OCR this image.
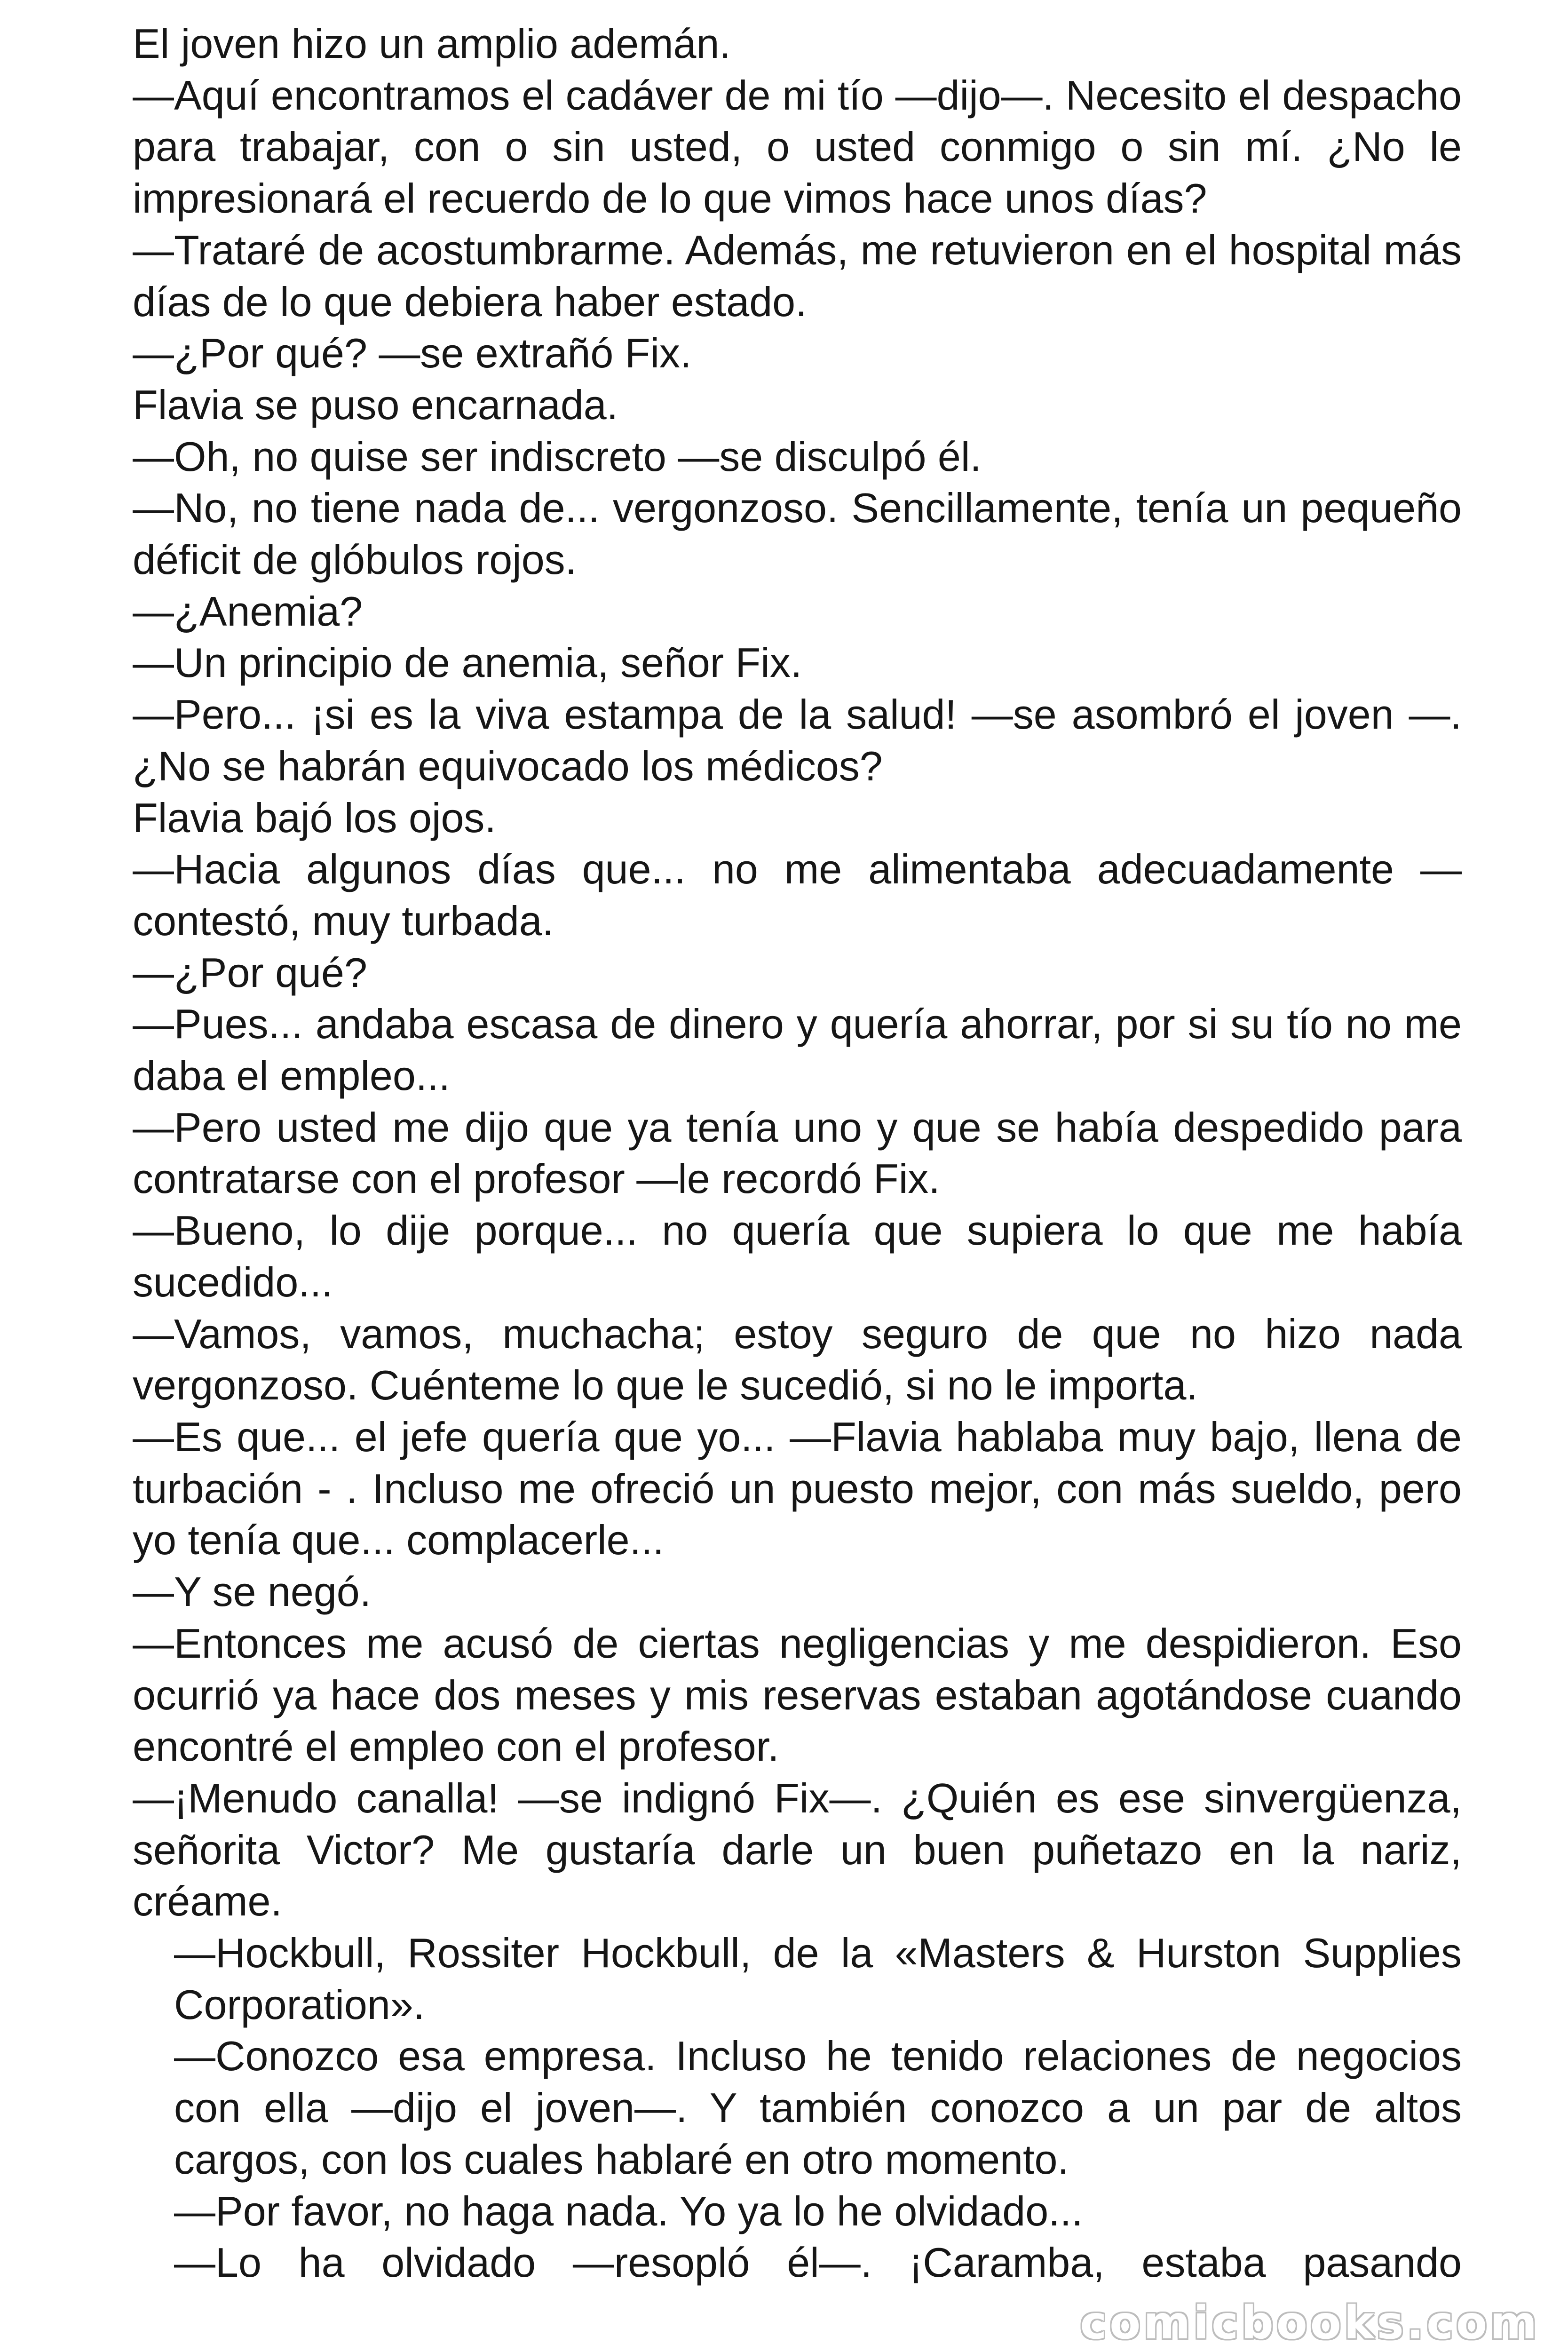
El joven hizo un amplio ademán.

—Aquí encontramos el cadáver de mi tío —dijo—. Necesito el despacho para trabajar, con o sin usted, o usted conmigo o sin mí. ¿No le impresionará el recuerdo de lo que vimos hace unos días?

—Trataré de acostumbrarme. Además, me retuvieron en el hospital más días de lo que debiera haber estado.

—¿Por qué? —se extrañó Fix.

Flavia se puso encarnada.

—Oh, no quise ser indiscreto —se disculpó él.

—No, no tiene nada de... vergonzoso. Sencillamente, tenía un pequeño déficit de glóbulos rojos.

—¿Anemia?

—Un principio de anemia, señor Fix.

—Pero... ¡si es la viva estampa de la salud! —se asombró el joven —. ¿No se habrán equivocado los médicos?

Flavia bajó los ojos.

—Hacia algunos días que... no me alimentaba adecuadamente — contestó, muy turbada.

—¿Por qué?

—Pues... andaba escasa de dinero y quería ahorrar, por si su tío no me daba el empleo...

—Pero usted me dijo que ya tenía uno y que se había despedido para contratarse con el profesor —le recordó Fix.

—Bueno, lo dije porque... no quería que supiera lo que me había sucedido...

—Vamos, vamos, muchacha; estoy seguro de que no hizo nada vergonzoso. Cuénteme lo que le sucedió, si no le importa.

—Es que... el jefe quería que yo... —Flavia hablaba muy bajo, llena de turbación - . Incluso me ofreció un puesto mejor, con más sueldo, pero yo tenía que... complacerle...

—Y se negó.

—Entonces me acusó de ciertas negligencias y me despidieron. Eso ocurrió ya hace dos meses y mis reservas estaban agotándose cuando encontré el empleo con el profesor.

—¡Menudo canalla! —se indignó Fix—. ¿Quién es ese sinvergüenza, señorita Victor? Me gustaría darle un buen puñetazo en la nariz, créame.

—Hockbull, Rossiter Hockbull, de la «Masters & Hurston Supplies Corporation».

—Conozco esa empresa. Incluso he tenido relaciones de negocios con ella —dijo el joven—. Y también conozco a un par de altos cargos, con los cuales hablaré en otro momento.

—Por favor, no haga nada. Yo ya lo he olvidado...

—Lo ha olvidado —resopló él—. ¡Caramba, estaba pasando

comicbooks.com
